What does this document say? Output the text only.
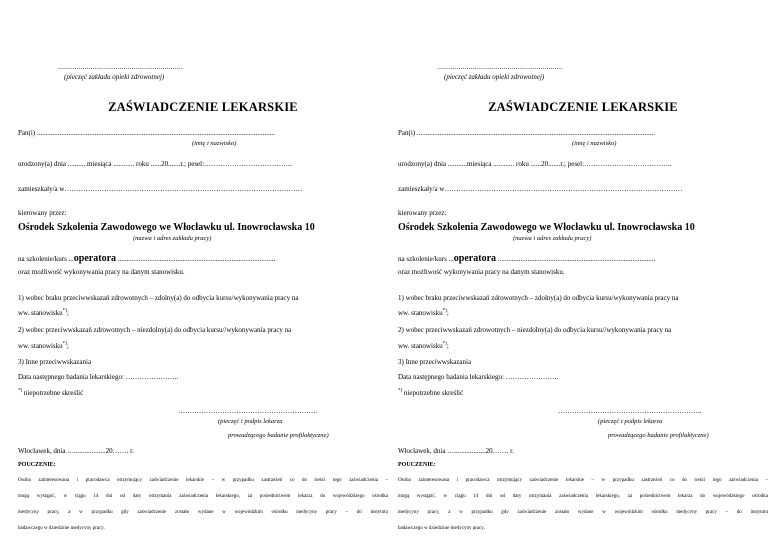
.............................................................
(pieczęć zakładu opieki zdrowotnej)
ZAŚWIADCZENIE LEKARSKIE
Pan(i) ........................................................................................................................................
(imię i nazwisko)
urodzony(a) dnia ...........miesiąca ............ roku ......20.......r.; pesel:………………………………..
zamieszkały/a w…………………………………………………………………………………………
kierowany przez:
Ośrodek Szkolenia Zawodowego we Włocławku ul. Inowrocławska 10
(nazwa i adres zakładu pracy)
na szkolenie/kurs ...operatora ..........................................................................................
oraz możliwość wykonywania pracy na danym stanowisku.
1) wobec braku przeciwwskazań zdrowotnych – zdolny(a) do odbycia kursu/wykonywania pracy na
ww. stanowisku*);
2) wobec przeciwwskazań zdrowotnych – niezdolny(a) do odbycia kursu//wykonywania pracy na
ww. stanowisku*);
3) Inne przeciwwskazania
Data następnego badania lekarskiego: …………………..
*) niepotrzebne skreślić
……………………………………………………
(pieczęć i podpis lekarza
prowadzącego badanie profilaktyczne)
Włocławek, dnia …..................20……. r.
POUCZENIE:
Osoba zainteresowana i pracodawca otrzymujący zaświadczenie lekarskie – w przypadku zastrzeżeń co do treści tego zaświadczenia –
mogą wystąpić, w ciągu 14 dni od daty otrzymania zaświadczenia lekarskiego, za pośrednictwem lekarza do wojewódzkiego ośrodka
medycyny pracy, a w przypadku gdy zaświadczenie zostało wydane w wojewódzkim ośrodku medycyny pracy – do instytutu
badawczego w dziedzinie medycyny pracy.
.............................................................
(pieczęć zakładu opieki zdrowotnej)
ZAŚWIADCZENIE LEKARSKIE
Pan(i) ........................................................................................................................................
(imię i nazwisko)
urodzony(a) dnia ...........miesiąca ............ roku ......20.......r.; pesel:………………………………..
zamieszkały/a w…………………………………………………………………………………………
kierowany przez:
Ośrodek Szkolenia Zawodowego we Włocławku ul. Inowrocławska 10
(nazwa i adres zakładu pracy)
na szkolenie/kurs ...operatora ..........................................................................................
oraz możliwość wykonywania pracy na danym stanowisku.
1) wobec braku przeciwwskazań zdrowotnych – zdolny(a) do odbycia kursu/wykonywania pracy na
ww. stanowisku*);
2) wobec przeciwwskazań zdrowotnych – niezdolny(a) do odbycia kursu//wykonywania pracy na
ww. stanowisku*);
3) Inne przeciwwskazania
Data następnego badania lekarskiego: …………………..
*) niepotrzebne skreślić
……………………………………………………..
(pieczęć i podpis lekarza
prowadzącego badanie profilaktyczne)
Włocławek, dnia …..................20……. r.
POUCZENIE:
Osoba zainteresowana i pracodawca otrzymujący zaświadczenie lekarskie – w przypadku zastrzeżeń co do treści tego zaświadczenia –
mogą wystąpić, w ciągu 14 dni od daty otrzymania zaświadczenia lekarskiego, za pośrednictwem lekarza do wojewódzkiego ośrodka
medycyny pracy, a w przypadku gdy zaświadczenie zostało wydane w wojewódzkim ośrodku medycyny pracy – do instytutu
badawczego w dziedzinie medycyny pracy.
